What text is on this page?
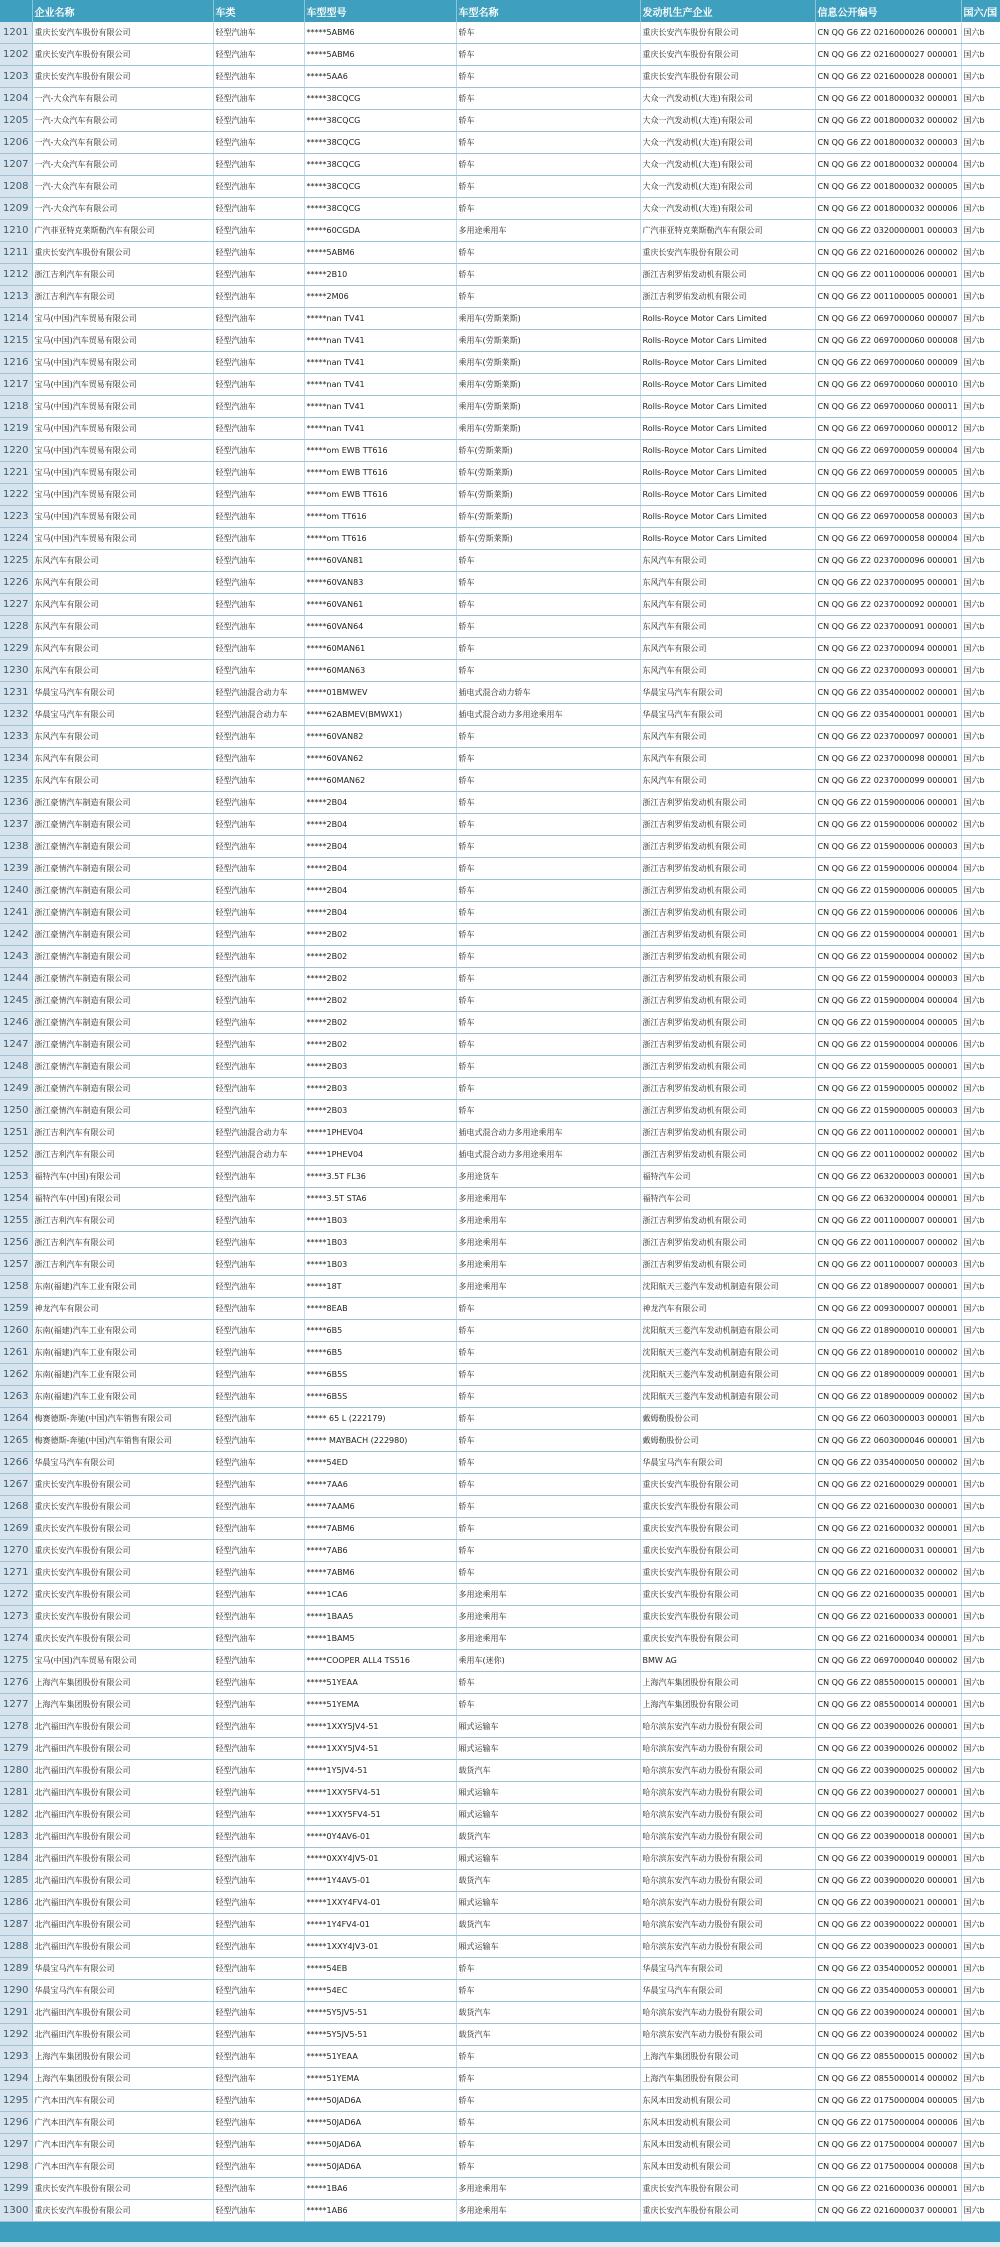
	企业名称	车类	车型型号	车型名称	发动机生产企业	信息公开编号	国六/国
1201	重庆长安汽车股份有限公司	轻型汽油车	*****5ABM6	轿车	重庆长安汽车股份有限公司	CN QQ G6 Z2 0216000026 000001	国六b
1202	重庆长安汽车股份有限公司	轻型汽油车	*****5ABM6	轿车	重庆长安汽车股份有限公司	CN QQ G6 Z2 0216000027 000001	国六b
1203	重庆长安汽车股份有限公司	轻型汽油车	*****5AA6	轿车	重庆长安汽车股份有限公司	CN QQ G6 Z2 0216000028 000001	国六b
1204	一汽-大众汽车有限公司	轻型汽油车	*****38CQCG	轿车	大众一汽发动机(大连)有限公司	CN QQ G6 Z2 0018000032 000001	国六b
1205	一汽-大众汽车有限公司	轻型汽油车	*****38CQCG	轿车	大众一汽发动机(大连)有限公司	CN QQ G6 Z2 0018000032 000002	国六b
1206	一汽-大众汽车有限公司	轻型汽油车	*****38CQCG	轿车	大众一汽发动机(大连)有限公司	CN QQ G6 Z2 0018000032 000003	国六b
1207	一汽-大众汽车有限公司	轻型汽油车	*****38CQCG	轿车	大众一汽发动机(大连)有限公司	CN QQ G6 Z2 0018000032 000004	国六b
1208	一汽-大众汽车有限公司	轻型汽油车	*****38CQCG	轿车	大众一汽发动机(大连)有限公司	CN QQ G6 Z2 0018000032 000005	国六b
1209	一汽-大众汽车有限公司	轻型汽油车	*****38CQCG	轿车	大众一汽发动机(大连)有限公司	CN QQ G6 Z2 0018000032 000006	国六b
1210	广汽菲亚特克莱斯勒汽车有限公司	轻型汽油车	*****60CGDA	多用途乘用车	广汽菲亚特克莱斯勒汽车有限公司	CN QQ G6 Z2 0320000001 000003	国六b
1211	重庆长安汽车股份有限公司	轻型汽油车	*****5ABM6	轿车	重庆长安汽车股份有限公司	CN QQ G6 Z2 0216000026 000002	国六b
1212	浙江吉利汽车有限公司	轻型汽油车	*****2B10	轿车	浙江吉利罗佑发动机有限公司	CN QQ G6 Z2 0011000006 000001	国六b
1213	浙江吉利汽车有限公司	轻型汽油车	*****2M06	轿车	浙江吉利罗佑发动机有限公司	CN QQ G6 Z2 0011000005 000001	国六b
1214	宝马(中国)汽车贸易有限公司	轻型汽油车	*****nan TV41	乘用车(劳斯莱斯)	Rolls-Royce Motor Cars Limited	CN QQ G6 Z2 0697000060 000007	国六b
1215	宝马(中国)汽车贸易有限公司	轻型汽油车	*****nan TV41	乘用车(劳斯莱斯)	Rolls-Royce Motor Cars Limited	CN QQ G6 Z2 0697000060 000008	国六b
1216	宝马(中国)汽车贸易有限公司	轻型汽油车	*****nan TV41	乘用车(劳斯莱斯)	Rolls-Royce Motor Cars Limited	CN QQ G6 Z2 0697000060 000009	国六b
1217	宝马(中国)汽车贸易有限公司	轻型汽油车	*****nan TV41	乘用车(劳斯莱斯)	Rolls-Royce Motor Cars Limited	CN QQ G6 Z2 0697000060 000010	国六b
1218	宝马(中国)汽车贸易有限公司	轻型汽油车	*****nan TV41	乘用车(劳斯莱斯)	Rolls-Royce Motor Cars Limited	CN QQ G6 Z2 0697000060 000011	国六b
1219	宝马(中国)汽车贸易有限公司	轻型汽油车	*****nan TV41	乘用车(劳斯莱斯)	Rolls-Royce Motor Cars Limited	CN QQ G6 Z2 0697000060 000012	国六b
1220	宝马(中国)汽车贸易有限公司	轻型汽油车	*****om EWB TT616	轿车(劳斯莱斯)	Rolls-Royce Motor Cars Limited	CN QQ G6 Z2 0697000059 000004	国六b
1221	宝马(中国)汽车贸易有限公司	轻型汽油车	*****om EWB TT616	轿车(劳斯莱斯)	Rolls-Royce Motor Cars Limited	CN QQ G6 Z2 0697000059 000005	国六b
1222	宝马(中国)汽车贸易有限公司	轻型汽油车	*****om EWB TT616	轿车(劳斯莱斯)	Rolls-Royce Motor Cars Limited	CN QQ G6 Z2 0697000059 000006	国六b
1223	宝马(中国)汽车贸易有限公司	轻型汽油车	*****om TT616	轿车(劳斯莱斯)	Rolls-Royce Motor Cars Limited	CN QQ G6 Z2 0697000058 000003	国六b
1224	宝马(中国)汽车贸易有限公司	轻型汽油车	*****om TT616	轿车(劳斯莱斯)	Rolls-Royce Motor Cars Limited	CN QQ G6 Z2 0697000058 000004	国六b
1225	东风汽车有限公司	轻型汽油车	*****60VAN81	轿车	东风汽车有限公司	CN QQ G6 Z2 0237000096 000001	国六b
1226	东风汽车有限公司	轻型汽油车	*****60VAN83	轿车	东风汽车有限公司	CN QQ G6 Z2 0237000095 000001	国六b
1227	东风汽车有限公司	轻型汽油车	*****60VAN61	轿车	东风汽车有限公司	CN QQ G6 Z2 0237000092 000001	国六b
1228	东风汽车有限公司	轻型汽油车	*****60VAN64	轿车	东风汽车有限公司	CN QQ G6 Z2 0237000091 000001	国六b
1229	东风汽车有限公司	轻型汽油车	*****60MAN61	轿车	东风汽车有限公司	CN QQ G6 Z2 0237000094 000001	国六b
1230	东风汽车有限公司	轻型汽油车	*****60MAN63	轿车	东风汽车有限公司	CN QQ G6 Z2 0237000093 000001	国六b
1231	华晨宝马汽车有限公司	轻型汽油混合动力车	*****01BMWEV	插电式混合动力轿车	华晨宝马汽车有限公司	CN QQ G6 Z2 0354000002 000001	国六b
1232	华晨宝马汽车有限公司	轻型汽油混合动力车	*****62ABMEV(BMWX1)	插电式混合动力多用途乘用车	华晨宝马汽车有限公司	CN QQ G6 Z2 0354000001 000001	国六b
1233	东风汽车有限公司	轻型汽油车	*****60VAN82	轿车	东风汽车有限公司	CN QQ G6 Z2 0237000097 000001	国六b
1234	东风汽车有限公司	轻型汽油车	*****60VAN62	轿车	东风汽车有限公司	CN QQ G6 Z2 0237000098 000001	国六b
1235	东风汽车有限公司	轻型汽油车	*****60MAN62	轿车	东风汽车有限公司	CN QQ G6 Z2 0237000099 000001	国六b
1236	浙江豪情汽车制造有限公司	轻型汽油车	*****2B04	轿车	浙江吉利罗佑发动机有限公司	CN QQ G6 Z2 0159000006 000001	国六b
1237	浙江豪情汽车制造有限公司	轻型汽油车	*****2B04	轿车	浙江吉利罗佑发动机有限公司	CN QQ G6 Z2 0159000006 000002	国六b
1238	浙江豪情汽车制造有限公司	轻型汽油车	*****2B04	轿车	浙江吉利罗佑发动机有限公司	CN QQ G6 Z2 0159000006 000003	国六b
1239	浙江豪情汽车制造有限公司	轻型汽油车	*****2B04	轿车	浙江吉利罗佑发动机有限公司	CN QQ G6 Z2 0159000006 000004	国六b
1240	浙江豪情汽车制造有限公司	轻型汽油车	*****2B04	轿车	浙江吉利罗佑发动机有限公司	CN QQ G6 Z2 0159000006 000005	国六b
1241	浙江豪情汽车制造有限公司	轻型汽油车	*****2B04	轿车	浙江吉利罗佑发动机有限公司	CN QQ G6 Z2 0159000006 000006	国六b
1242	浙江豪情汽车制造有限公司	轻型汽油车	*****2B02	轿车	浙江吉利罗佑发动机有限公司	CN QQ G6 Z2 0159000004 000001	国六b
1243	浙江豪情汽车制造有限公司	轻型汽油车	*****2B02	轿车	浙江吉利罗佑发动机有限公司	CN QQ G6 Z2 0159000004 000002	国六b
1244	浙江豪情汽车制造有限公司	轻型汽油车	*****2B02	轿车	浙江吉利罗佑发动机有限公司	CN QQ G6 Z2 0159000004 000003	国六b
1245	浙江豪情汽车制造有限公司	轻型汽油车	*****2B02	轿车	浙江吉利罗佑发动机有限公司	CN QQ G6 Z2 0159000004 000004	国六b
1246	浙江豪情汽车制造有限公司	轻型汽油车	*****2B02	轿车	浙江吉利罗佑发动机有限公司	CN QQ G6 Z2 0159000004 000005	国六b
1247	浙江豪情汽车制造有限公司	轻型汽油车	*****2B02	轿车	浙江吉利罗佑发动机有限公司	CN QQ G6 Z2 0159000004 000006	国六b
1248	浙江豪情汽车制造有限公司	轻型汽油车	*****2B03	轿车	浙江吉利罗佑发动机有限公司	CN QQ G6 Z2 0159000005 000001	国六b
1249	浙江豪情汽车制造有限公司	轻型汽油车	*****2B03	轿车	浙江吉利罗佑发动机有限公司	CN QQ G6 Z2 0159000005 000002	国六b
1250	浙江豪情汽车制造有限公司	轻型汽油车	*****2B03	轿车	浙江吉利罗佑发动机有限公司	CN QQ G6 Z2 0159000005 000003	国六b
1251	浙江吉利汽车有限公司	轻型汽油混合动力车	*****1PHEV04	插电式混合动力多用途乘用车	浙江吉利罗佑发动机有限公司	CN QQ G6 Z2 0011000002 000001	国六b
1252	浙江吉利汽车有限公司	轻型汽油混合动力车	*****1PHEV04	插电式混合动力多用途乘用车	浙江吉利罗佑发动机有限公司	CN QQ G6 Z2 0011000002 000002	国六b
1253	福特汽车(中国)有限公司	轻型汽油车	*****3.5T FL36	多用途货车	福特汽车公司	CN QQ G6 Z2 0632000003 000001	国六b
1254	福特汽车(中国)有限公司	轻型汽油车	*****3.5T STA6	多用途乘用车	福特汽车公司	CN QQ G6 Z2 0632000004 000001	国六b
1255	浙江吉利汽车有限公司	轻型汽油车	*****1B03	多用途乘用车	浙江吉利罗佑发动机有限公司	CN QQ G6 Z2 0011000007 000001	国六b
1256	浙江吉利汽车有限公司	轻型汽油车	*****1B03	多用途乘用车	浙江吉利罗佑发动机有限公司	CN QQ G6 Z2 0011000007 000002	国六b
1257	浙江吉利汽车有限公司	轻型汽油车	*****1B03	多用途乘用车	浙江吉利罗佑发动机有限公司	CN QQ G6 Z2 0011000007 000003	国六b
1258	东南(福建)汽车工业有限公司	轻型汽油车	*****18T	多用途乘用车	沈阳航天三菱汽车发动机制造有限公司	CN QQ G6 Z2 0189000007 000001	国六b
1259	神龙汽车有限公司	轻型汽油车	*****8EAB	轿车	神龙汽车有限公司	CN QQ G6 Z2 0093000007 000001	国六b
1260	东南(福建)汽车工业有限公司	轻型汽油车	*****6B5	轿车	沈阳航天三菱汽车发动机制造有限公司	CN QQ G6 Z2 0189000010 000001	国六b
1261	东南(福建)汽车工业有限公司	轻型汽油车	*****6B5	轿车	沈阳航天三菱汽车发动机制造有限公司	CN QQ G6 Z2 0189000010 000002	国六b
1262	东南(福建)汽车工业有限公司	轻型汽油车	*****6B5S	轿车	沈阳航天三菱汽车发动机制造有限公司	CN QQ G6 Z2 0189000009 000001	国六b
1263	东南(福建)汽车工业有限公司	轻型汽油车	*****6B5S	轿车	沈阳航天三菱汽车发动机制造有限公司	CN QQ G6 Z2 0189000009 000002	国六b
1264	梅赛德斯-奔驰(中国)汽车销售有限公司	轻型汽油车	***** 65 L (222179)	轿车	戴姆勒股份公司	CN QQ G6 Z2 0603000003 000001	国六b
1265	梅赛德斯-奔驰(中国)汽车销售有限公司	轻型汽油车	***** MAYBACH (222980)	轿车	戴姆勒股份公司	CN QQ G6 Z2 0603000046 000001	国六b
1266	华晨宝马汽车有限公司	轻型汽油车	*****54ED	轿车	华晨宝马汽车有限公司	CN QQ G6 Z2 0354000050 000002	国六b
1267	重庆长安汽车股份有限公司	轻型汽油车	*****7AA6	轿车	重庆长安汽车股份有限公司	CN QQ G6 Z2 0216000029 000001	国六b
1268	重庆长安汽车股份有限公司	轻型汽油车	*****7AAM6	轿车	重庆长安汽车股份有限公司	CN QQ G6 Z2 0216000030 000001	国六b
1269	重庆长安汽车股份有限公司	轻型汽油车	*****7ABM6	轿车	重庆长安汽车股份有限公司	CN QQ G6 Z2 0216000032 000001	国六b
1270	重庆长安汽车股份有限公司	轻型汽油车	*****7AB6	轿车	重庆长安汽车股份有限公司	CN QQ G6 Z2 0216000031 000001	国六b
1271	重庆长安汽车股份有限公司	轻型汽油车	*****7ABM6	轿车	重庆长安汽车股份有限公司	CN QQ G6 Z2 0216000032 000002	国六b
1272	重庆长安汽车股份有限公司	轻型汽油车	*****1CA6	多用途乘用车	重庆长安汽车股份有限公司	CN QQ G6 Z2 0216000035 000001	国六b
1273	重庆长安汽车股份有限公司	轻型汽油车	*****1BAA5	多用途乘用车	重庆长安汽车股份有限公司	CN QQ G6 Z2 0216000033 000001	国六b
1274	重庆长安汽车股份有限公司	轻型汽油车	*****1BAM5	多用途乘用车	重庆长安汽车股份有限公司	CN QQ G6 Z2 0216000034 000001	国六b
1275	宝马(中国)汽车贸易有限公司	轻型汽油车	*****COOPER ALL4 TS516	乘用车(迷你)	BMW AG	CN QQ G6 Z2 0697000040 000002	国六b
1276	上海汽车集团股份有限公司	轻型汽油车	*****51YEAA	轿车	上海汽车集团股份有限公司	CN QQ G6 Z2 0855000015 000001	国六b
1277	上海汽车集团股份有限公司	轻型汽油车	*****51YEMA	轿车	上海汽车集团股份有限公司	CN QQ G6 Z2 0855000014 000001	国六b
1278	北汽福田汽车股份有限公司	轻型汽油车	*****1XXY5JV4-51	厢式运输车	哈尔滨东安汽车动力股份有限公司	CN QQ G6 Z2 0039000026 000001	国六b
1279	北汽福田汽车股份有限公司	轻型汽油车	*****1XXY5JV4-51	厢式运输车	哈尔滨东安汽车动力股份有限公司	CN QQ G6 Z2 0039000026 000002	国六b
1280	北汽福田汽车股份有限公司	轻型汽油车	*****1Y5JV4-51	载货汽车	哈尔滨东安汽车动力股份有限公司	CN QQ G6 Z2 0039000025 000002	国六b
1281	北汽福田汽车股份有限公司	轻型汽油车	*****1XXY5FV4-51	厢式运输车	哈尔滨东安汽车动力股份有限公司	CN QQ G6 Z2 0039000027 000001	国六b
1282	北汽福田汽车股份有限公司	轻型汽油车	*****1XXY5FV4-51	厢式运输车	哈尔滨东安汽车动力股份有限公司	CN QQ G6 Z2 0039000027 000002	国六b
1283	北汽福田汽车股份有限公司	轻型汽油车	*****0Y4AV6-01	载货汽车	哈尔滨东安汽车动力股份有限公司	CN QQ G6 Z2 0039000018 000001	国六b
1284	北汽福田汽车股份有限公司	轻型汽油车	*****0XXY4JV5-01	厢式运输车	哈尔滨东安汽车动力股份有限公司	CN QQ G6 Z2 0039000019 000001	国六b
1285	北汽福田汽车股份有限公司	轻型汽油车	*****1Y4AV5-01	载货汽车	哈尔滨东安汽车动力股份有限公司	CN QQ G6 Z2 0039000020 000001	国六b
1286	北汽福田汽车股份有限公司	轻型汽油车	*****1XXY4FV4-01	厢式运输车	哈尔滨东安汽车动力股份有限公司	CN QQ G6 Z2 0039000021 000001	国六b
1287	北汽福田汽车股份有限公司	轻型汽油车	*****1Y4FV4-01	载货汽车	哈尔滨东安汽车动力股份有限公司	CN QQ G6 Z2 0039000022 000001	国六b
1288	北汽福田汽车股份有限公司	轻型汽油车	*****1XXY4JV3-01	厢式运输车	哈尔滨东安汽车动力股份有限公司	CN QQ G6 Z2 0039000023 000001	国六b
1289	华晨宝马汽车有限公司	轻型汽油车	*****54EB	轿车	华晨宝马汽车有限公司	CN QQ G6 Z2 0354000052 000001	国六b
1290	华晨宝马汽车有限公司	轻型汽油车	*****54EC	轿车	华晨宝马汽车有限公司	CN QQ G6 Z2 0354000053 000001	国六b
1291	北汽福田汽车股份有限公司	轻型汽油车	*****5Y5JV5-51	载货汽车	哈尔滨东安汽车动力股份有限公司	CN QQ G6 Z2 0039000024 000001	国六b
1292	北汽福田汽车股份有限公司	轻型汽油车	*****5Y5JV5-51	载货汽车	哈尔滨东安汽车动力股份有限公司	CN QQ G6 Z2 0039000024 000002	国六b
1293	上海汽车集团股份有限公司	轻型汽油车	*****51YEAA	轿车	上海汽车集团股份有限公司	CN QQ G6 Z2 0855000015 000002	国六b
1294	上海汽车集团股份有限公司	轻型汽油车	*****51YEMA	轿车	上海汽车集团股份有限公司	CN QQ G6 Z2 0855000014 000002	国六b
1295	广汽本田汽车有限公司	轻型汽油车	*****50JAD6A	轿车	东风本田发动机有限公司	CN QQ G6 Z2 0175000004 000005	国六b
1296	广汽本田汽车有限公司	轻型汽油车	*****50JAD6A	轿车	东风本田发动机有限公司	CN QQ G6 Z2 0175000004 000006	国六b
1297	广汽本田汽车有限公司	轻型汽油车	*****50JAD6A	轿车	东风本田发动机有限公司	CN QQ G6 Z2 0175000004 000007	国六b
1298	广汽本田汽车有限公司	轻型汽油车	*****50JAD6A	轿车	东风本田发动机有限公司	CN QQ G6 Z2 0175000004 000008	国六b
1299	重庆长安汽车股份有限公司	轻型汽油车	*****1BA6	多用途乘用车	重庆长安汽车股份有限公司	CN QQ G6 Z2 0216000036 000001	国六b
1300	重庆长安汽车股份有限公司	轻型汽油车	*****1AB6	多用途乘用车	重庆长安汽车股份有限公司	CN QQ G6 Z2 0216000037 000001	国六b
